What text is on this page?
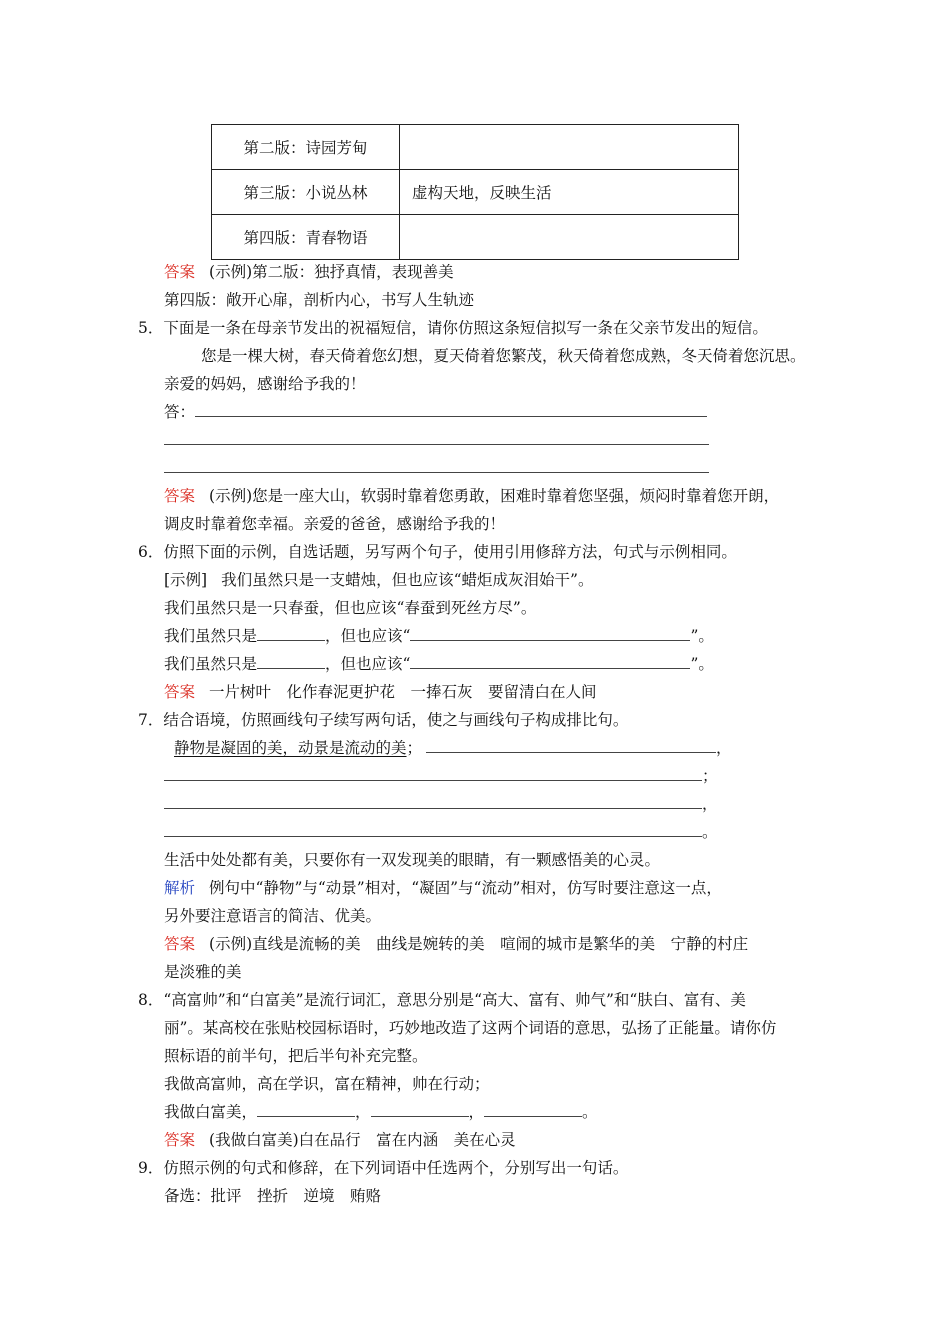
第二版：诗园芳甸	
第三版：小说丛林	虚构天地，反映生活
第四版：青春物语	
答案 (示例)第二版：独抒真情，表现善美
第四版：敞开心扉，剖析内心，书写人生轨迹
5．下面是一条在母亲节发出的祝福短信，请你仿照这条短信拟写一条在父亲节发出的短信。
您是一棵大树，春天倚着您幻想，夏天倚着您繁茂，秋天倚着您成熟，冬天倚着您沉思。
亲爱的妈妈，感谢给予我的！
答：
答案 (示例)您是一座大山，软弱时靠着您勇敢，困难时靠着您坚强，烦闷时靠着您开朗，
调皮时靠着您幸福。亲爱的爸爸，感谢给予我的！
6．仿照下面的示例，自选话题，另写两个句子，使用引用修辞方法，句式与示例相同。
[示例] 我们虽然只是一支蜡烛，但也应该“蜡炬成灰泪始干”。
我们虽然只是一只春蚕，但也应该“春蚕到死丝方尽”。
我们虽然只是	，但也应该“	”。
我们虽然只是	，但也应该“	”。
答案 一片树叶　化作春泥更护花　一捧石灰　要留清白在人间
7．结合语境，仿照画线句子续写两句话，使之与画线句子构成排比句。
静物是凝固的美，动景是流动的美；	，
；
，
。
生活中处处都有美，只要你有一双发现美的眼睛，有一颗感悟美的心灵。
解析 例句中“静物”与“动景”相对，“凝固”与“流动”相对，仿写时要注意这一点，
另外要注意语言的简洁、优美。
答案 (示例)直线是流畅的美　曲线是婉转的美　喧闹的城市是繁华的美　宁静的村庄
是淡雅的美
8．“高富帅”和“白富美”是流行词汇，意思分别是“高大、富有、帅气”和“肤白、富有、美
丽”。某高校在张贴校园标语时，巧妙地改造了这两个词语的意思，弘扬了正能量。请你仿
照标语的前半句，把后半句补充完整。
我做高富帅，高在学识，富在精神，帅在行动；
我做白富美，	，	，	。
答案 (我做白富美)白在品行　富在内涵　美在心灵
9．仿照示例的句式和修辞，在下列词语中任选两个，分别写出一句话。
备选：批评　挫折　逆境　贿赂
